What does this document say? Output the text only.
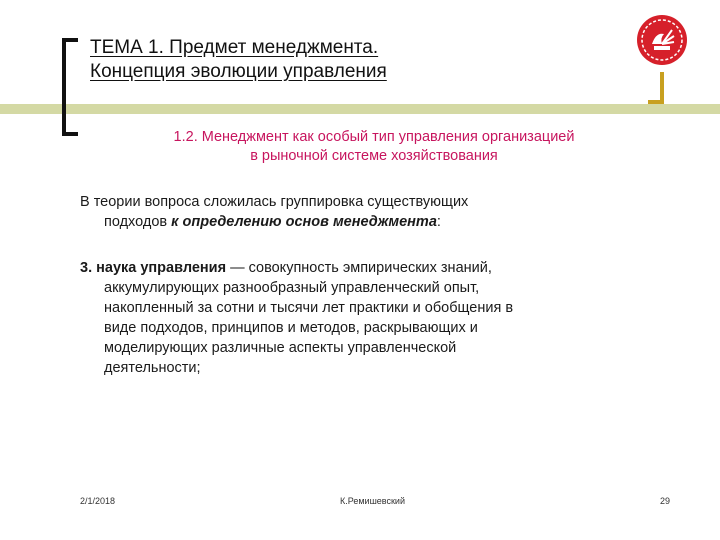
ТЕМА 1. Предмет менеджмента.
Концепция эволюции управления
1.2. Менеджмент как особый тип управления организацией
в рыночной системе хозяйствования
В теории вопроса сложилась группировка существующих
подходов к определению основ менеджмента:
3. наука управления — совокупность эмпирических знаний,
аккумулирующих разнообразный управленческий опыт,
накопленный за сотни и тысячи лет практики и обобщения в
виде подходов, принципов и методов, раскрывающих и
моделирующих различные аспекты управленческой
деятельности;
2/1/2018	К.Ремишевский	29
